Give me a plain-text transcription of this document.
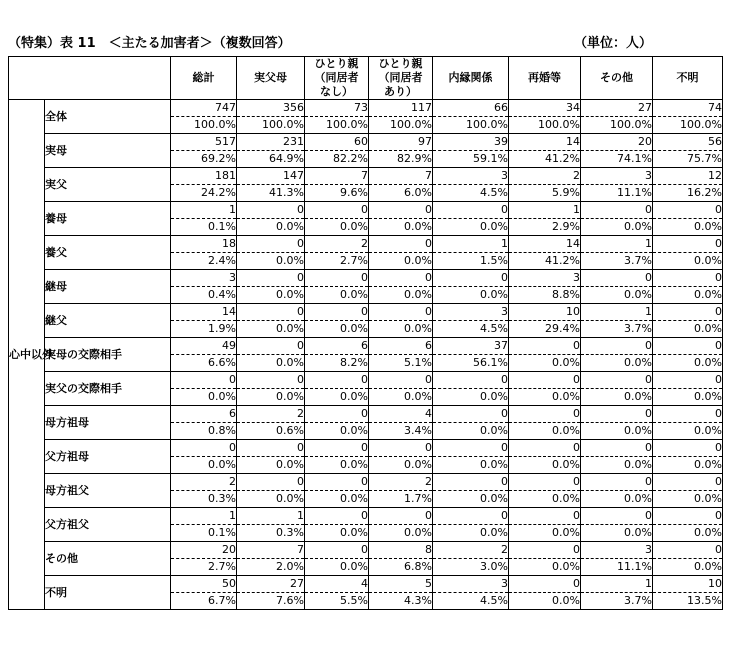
（特集）表 11　＜主たる加害者＞（複数回答）	（単位：人）
		総計	実父母	ひとり親
（同居者
なし）	ひとり親
（同居者
あり）	内縁関係	再婚等	その他	不明
心中以外	全体	747	356	73	117	66	34	27	74
		100.0%	100.0%	100.0%	100.0%	100.0%	100.0%	100.0%	100.0%
	実母	517	231	60	97	39	14	20	56
		69.2%	64.9%	82.2%	82.9%	59.1%	41.2%	74.1%	75.7%
	実父	181	147	7	7	3	2	3	12
		24.2%	41.3%	9.6%	6.0%	4.5%	5.9%	11.1%	16.2%
	養母	1	0	0	0	0	1	0	0
		0.1%	0.0%	0.0%	0.0%	0.0%	2.9%	0.0%	0.0%
	養父	18	0	2	0	1	14	1	0
		2.4%	0.0%	2.7%	0.0%	1.5%	41.2%	3.7%	0.0%
	継母	3	0	0	0	0	3	0	0
		0.4%	0.0%	0.0%	0.0%	0.0%	8.8%	0.0%	0.0%
	継父	14	0	0	0	3	10	1	0
		1.9%	0.0%	0.0%	0.0%	4.5%	29.4%	3.7%	0.0%
	実母の交際相手	49	0	6	6	37	0	0	0
		6.6%	0.0%	8.2%	5.1%	56.1%	0.0%	0.0%	0.0%
	実父の交際相手	0	0	0	0	0	0	0	0
		0.0%	0.0%	0.0%	0.0%	0.0%	0.0%	0.0%	0.0%
	母方祖母	6	2	0	4	0	0	0	0
		0.8%	0.6%	0.0%	3.4%	0.0%	0.0%	0.0%	0.0%
	父方祖母	0	0	0	0	0	0	0	0
		0.0%	0.0%	0.0%	0.0%	0.0%	0.0%	0.0%	0.0%
	母方祖父	2	0	0	2	0	0	0	0
		0.3%	0.0%	0.0%	1.7%	0.0%	0.0%	0.0%	0.0%
	父方祖父	1	1	0	0	0	0	0	0
		0.1%	0.3%	0.0%	0.0%	0.0%	0.0%	0.0%	0.0%
	その他	20	7	0	8	2	0	3	0
		2.7%	2.0%	0.0%	6.8%	3.0%	0.0%	11.1%	0.0%
	不明	50	27	4	5	3	0	1	10
		6.7%	7.6%	5.5%	4.3%	4.5%	0.0%	3.7%	13.5%
